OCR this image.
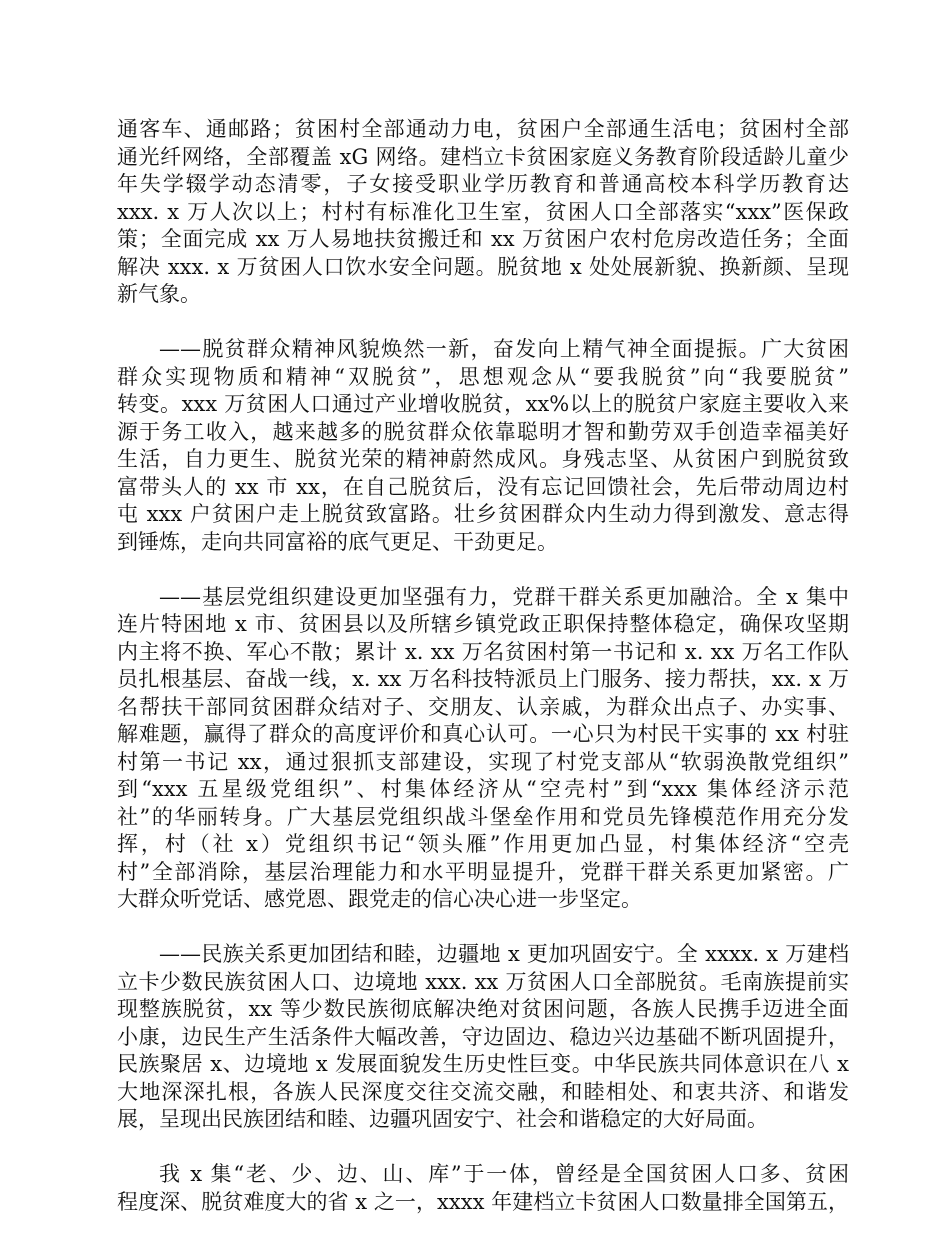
通客车、通邮路；贫困村全部通动力电，贫困户全部通生活电；贫困村全部
通光纤网络，全部覆盖 xG 网络。建档立卡贫困家庭义务教育阶段适龄儿童少
年失学辍学动态清零，子女接受职业学历教育和普通高校本科学历教育达
xxx. x 万人次以上；村村有标准化卫生室，贫困人口全部落实“xxx”医保政
策；全面完成 xx 万人易地扶贫搬迁和 xx 万贫困户农村危房改造任务；全面
解决 xxx. x 万贫困人口饮水安全问题。脱贫地 x 处处展新貌、换新颜、呈现
新气象。
——脱贫群众精神风貌焕然一新，奋发向上精气神全面提振。广大贫困
群众实现物质和精神“双脱贫”，思想观念从“要我脱贫”向“我要脱贫”
转变。xxx 万贫困人口通过产业增收脱贫，xx%以上的脱贫户家庭主要收入来
源于务工收入，越来越多的脱贫群众依靠聪明才智和勤劳双手创造幸福美好
生活，自力更生、脱贫光荣的精神蔚然成风。身残志坚、从贫困户到脱贫致
富带头人的 xx 市 xx，在自己脱贫后，没有忘记回馈社会，先后带动周边村
屯 xxx 户贫困户走上脱贫致富路。壮乡贫困群众内生动力得到激发、意志得
到锤炼，走向共同富裕的底气更足、干劲更足。
——基层党组织建设更加坚强有力，党群干群关系更加融洽。全 x 集中
连片特困地 x 市、贫困县以及所辖乡镇党政正职保持整体稳定，确保攻坚期
内主将不换、军心不散；累计 x. xx 万名贫困村第一书记和 x. xx 万名工作队
员扎根基层、奋战一线，x. xx 万名科技特派员上门服务、接力帮扶，xx. x 万
名帮扶干部同贫困群众结对子、交朋友、认亲戚，为群众出点子、办实事、
解难题，赢得了群众的高度评价和真心认可。一心只为村民干实事的 xx 村驻
村第一书记 xx，通过狠抓支部建设，实现了村党支部从“软弱涣散党组织”
到“xxx 五星级党组织”、村集体经济从“空壳村”到“xxx 集体经济示范
社”的华丽转身。广大基层党组织战斗堡垒作用和党员先锋模范作用充分发
挥，村（社 x）党组织书记“领头雁”作用更加凸显，村集体经济“空壳
村”全部消除，基层治理能力和水平明显提升，党群干群关系更加紧密。广
大群众听党话、感党恩、跟党走的信心决心进一步坚定。
——民族关系更加团结和睦，边疆地 x 更加巩固安宁。全 xxxx. x 万建档
立卡少数民族贫困人口、边境地 xxx. xx 万贫困人口全部脱贫。毛南族提前实
现整族脱贫，xx 等少数民族彻底解决绝对贫困问题，各族人民携手迈进全面
小康，边民生产生活条件大幅改善，守边固边、稳边兴边基础不断巩固提升，
民族聚居 x、边境地 x 发展面貌发生历史性巨变。中华民族共同体意识在八 x
大地深深扎根，各族人民深度交往交流交融，和睦相处、和衷共济、和谐发
展，呈现出民族团结和睦、边疆巩固安宁、社会和谐稳定的大好局面。
我 x 集“老、少、边、山、库”于一体，曾经是全国贫困人口多、贫困
程度深、脱贫难度大的省 x 之一，xxxx 年建档立卡贫困人口数量排全国第五，
